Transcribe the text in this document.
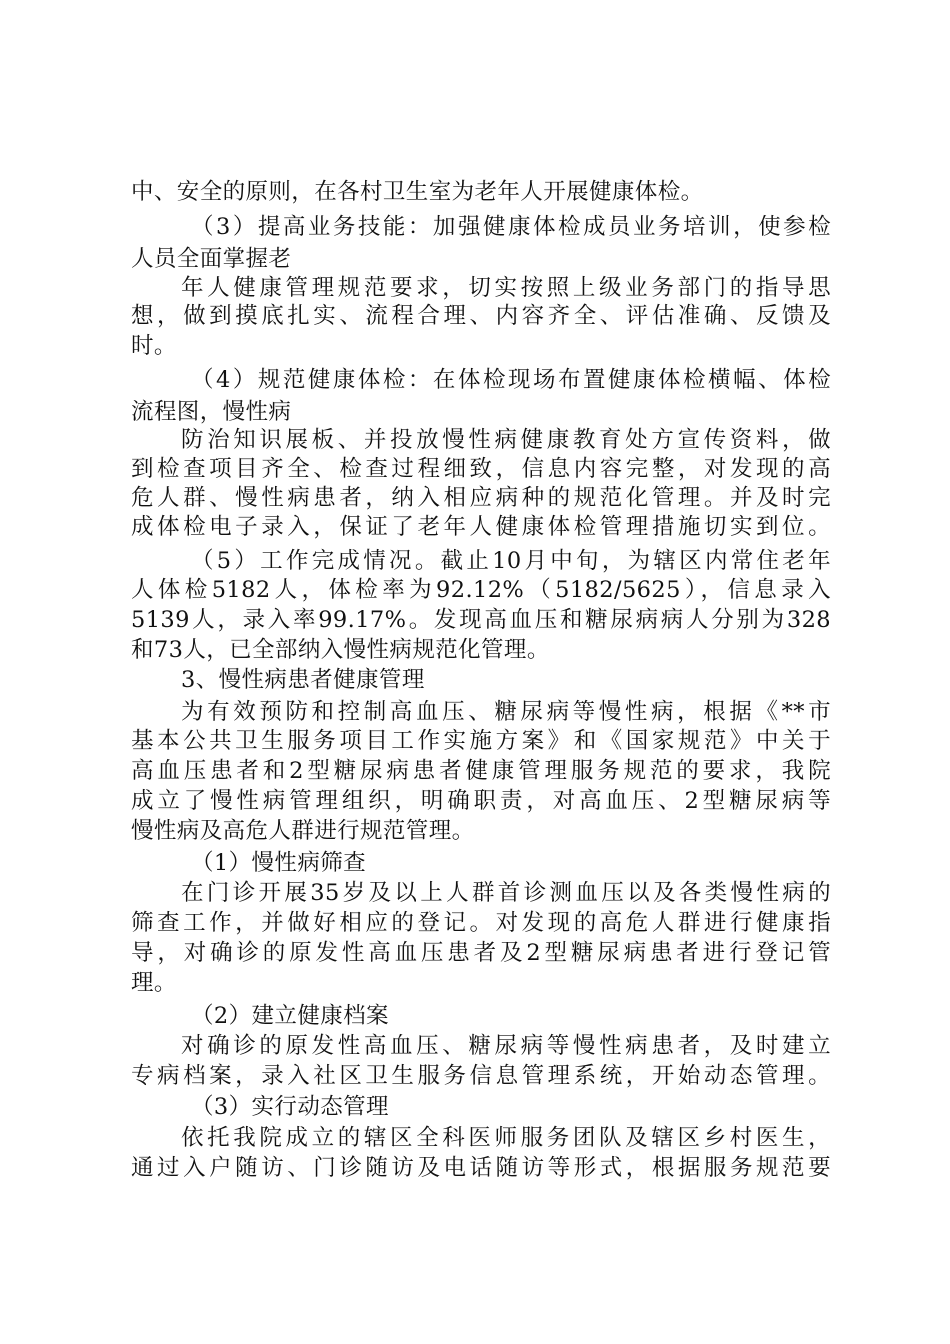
中、安全的原则，在各村卫生室为老年人开展健康体检。
（3）提高业务技能：加强健康体检成员业务培训，使参检
人员全面掌握老
年人健康管理规范要求，切实按照上级业务部门的指导思
想，做到摸底扎实、流程合理、内容齐全、评估准确、反馈及
时。
（4）规范健康体检：在体检现场布置健康体检横幅、体检
流程图，慢性病
防治知识展板、并投放慢性病健康教育处方宣传资料，做
到检查项目齐全、检查过程细致，信息内容完整，对发现的高
危人群、慢性病患者，纳入相应病种的规范化管理。并及时完
成体检电子录入，保证了老年人健康体检管理措施切实到位。
（5）工作完成情况。截止10月中旬，为辖区内常住老年
人体检5182人，体检率为92.12%（5182/5625），信息录入
5139人，录入率99.17%。发现高血压和糖尿病病人分别为328
和73人，已全部纳入慢性病规范化管理。
3、慢性病患者健康管理
为有效预防和控制高血压、糖尿病等慢性病，根据《**市
基本公共卫生服务项目工作实施方案》和《国家规范》中关于
高血压患者和2型糖尿病患者健康管理服务规范的要求，我院
成立了慢性病管理组织，明确职责，对高血压、2型糖尿病等
慢性病及高危人群进行规范管理。
（1）慢性病筛查
在门诊开展35岁及以上人群首诊测血压以及各类慢性病的
筛查工作，并做好相应的登记。对发现的高危人群进行健康指
导，对确诊的原发性高血压患者及2型糖尿病患者进行登记管
理。
（2）建立健康档案
对确诊的原发性高血压、糖尿病等慢性病患者，及时建立
专病档案，录入社区卫生服务信息管理系统，开始动态管理。
（3）实行动态管理
依托我院成立的辖区全科医师服务团队及辖区乡村医生，
通过入户随访、门诊随访及电话随访等形式，根据服务规范要
